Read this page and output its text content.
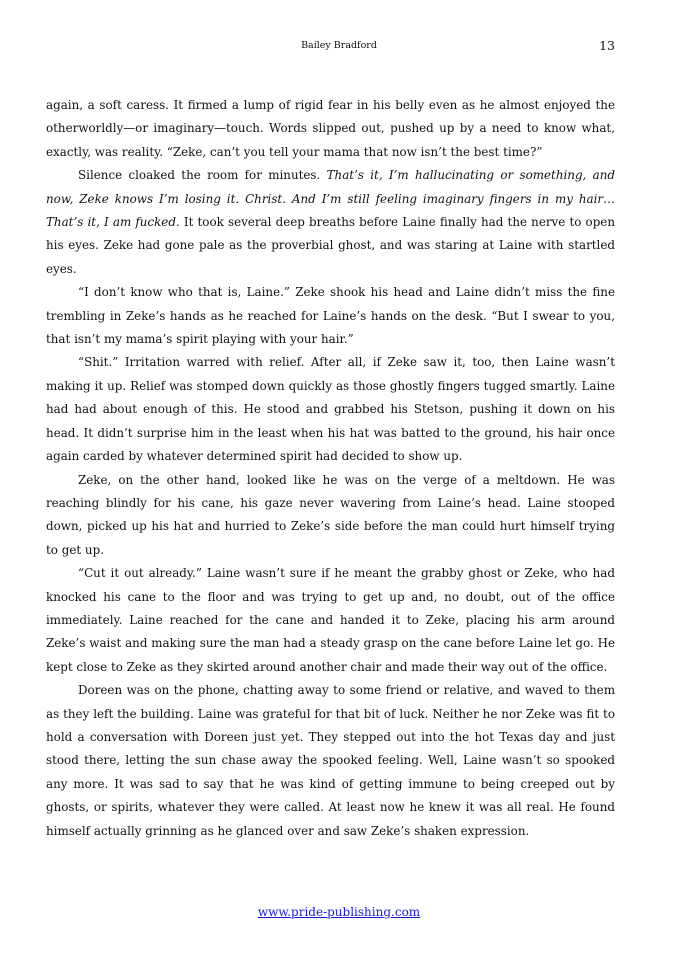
Bailey Bradford	13

again, a soft caress. It firmed a lump of rigid fear in his belly even as he almost enjoyed the otherworldly—or imaginary—touch. Words slipped out, pushed up by a need to know what, exactly, was reality. “Zeke, can’t you tell your mama that now isn’t the best time?”

Silence cloaked the room for minutes. That’s it, I’m hallucinating or something, and now, Zeke knows I’m losing it. Christ. And I’m still feeling imaginary fingers in my hair… That’s it, I am fucked. It took several deep breaths before Laine finally had the nerve to open his eyes. Zeke had gone pale as the proverbial ghost, and was staring at Laine with startled eyes.

“I don’t know who that is, Laine.” Zeke shook his head and Laine didn’t miss the fine trembling in Zeke’s hands as he reached for Laine’s hands on the desk. “But I swear to you, that isn’t my mama’s spirit playing with your hair.”

“Shit.” Irritation warred with relief. After all, if Zeke saw it, too, then Laine wasn’t making it up. Relief was stomped down quickly as those ghostly fingers tugged smartly. Laine had had about enough of this. He stood and grabbed his Stetson, pushing it down on his head. It didn’t surprise him in the least when his hat was batted to the ground, his hair once again carded by whatever determined spirit had decided to show up.

Zeke, on the other hand, looked like he was on the verge of a meltdown. He was reaching blindly for his cane, his gaze never wavering from Laine’s head. Laine stooped down, picked up his hat and hurried to Zeke’s side before the man could hurt himself trying to get up.

“Cut it out already.” Laine wasn’t sure if he meant the grabby ghost or Zeke, who had knocked his cane to the floor and was trying to get up and, no doubt, out of the office immediately. Laine reached for the cane and handed it to Zeke, placing his arm around Zeke’s waist and making sure the man had a steady grasp on the cane before Laine let go. He kept close to Zeke as they skirted around another chair and made their way out of the office.

Doreen was on the phone, chatting away to some friend or relative, and waved to them as they left the building. Laine was grateful for that bit of luck. Neither he nor Zeke was fit to hold a conversation with Doreen just yet. They stepped out into the hot Texas day and just stood there, letting the sun chase away the spooked feeling. Well, Laine wasn’t so spooked any more. It was sad to say that he was kind of getting immune to being creeped out by ghosts, or spirits, whatever they were called. At least now he knew it was all real. He found himself actually grinning as he glanced over and saw Zeke’s shaken expression.

www.pride-publishing.com
